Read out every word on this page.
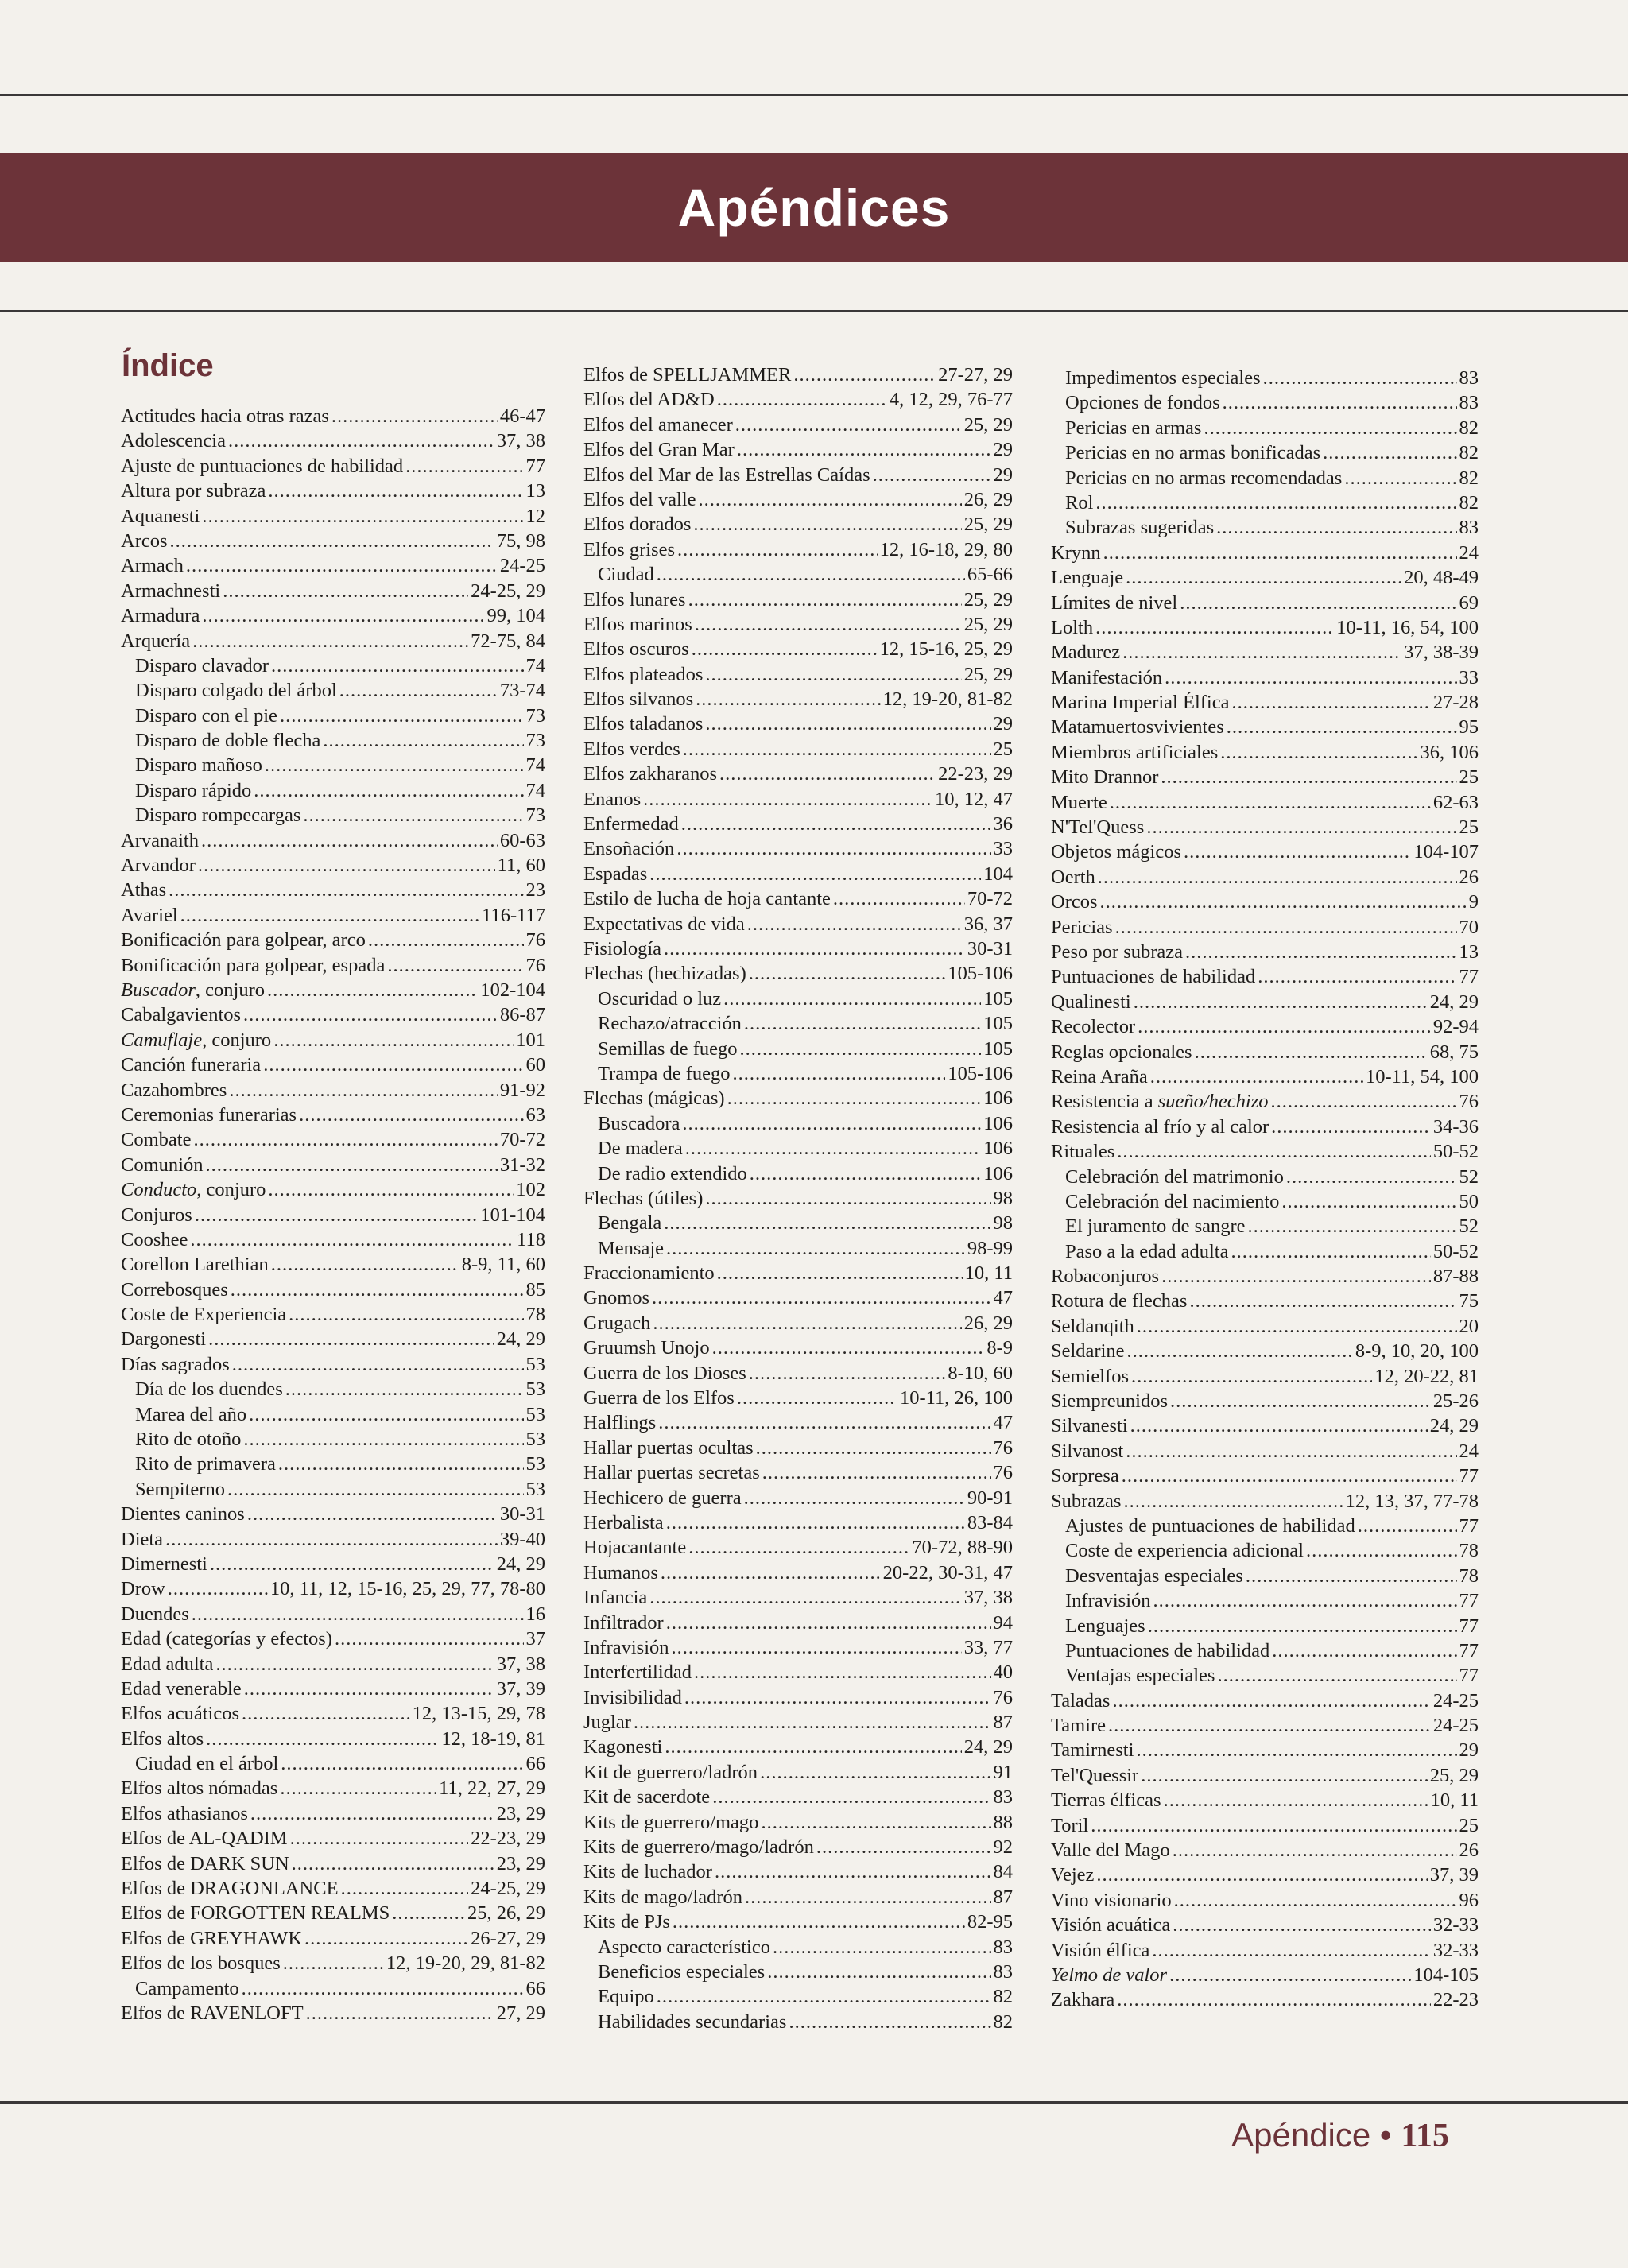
Apéndices
Índice
Actitudes hacia otras razas .....	46-47
Adolescencia .....	37, 38
Ajuste de puntuaciones de habilidad .....	77
Altura por subraza .....	13
Aquanesti .....	12
Arcos .....	75, 98
Armach .....	24-25
Armachnesti .....	24-25, 29
Armadura .....	99, 104
Arquería .....	72-75, 84
Disparo clavador .....	74
Disparo colgado del árbol .....	73-74
Disparo con el pie .....	73
Disparo de doble flecha .....	73
Disparo mañoso .....	74
Disparo rápido .....	74
Disparo rompecargas .....	73
Arvanaith .....	60-63
Arvandor .....	11, 60
Athas .....	23
Avariel .....	116-117
Bonificación para golpear, arco .....	76
Bonificación para golpear, espada .....	76
Buscador, conjuro .....	102-104
Cabalgavientos .....	86-87
Camuflaje, conjuro .....	101
Canción funeraria .....	60
Cazahombres .....	91-92
Ceremonias funerarias .....	63
Combate .....	70-72
Comunión .....	31-32
Conducto, conjuro .....	102
Conjuros .....	101-104
Cooshee .....	118
Corellon Larethian .....	8-9, 11, 60
Correbosques .....	85
Coste de Experiencia .....	78
Dargonesti .....	24, 29
Días sagrados .....	53
Día de los duendes .....	53
Marea del año .....	53
Rito de otoño .....	53
Rito de primavera .....	53
Sempiterno .....	53
Dientes caninos .....	30-31
Dieta .....	39-40
Dimernesti .....	24, 29
Drow .....	10, 11, 12, 15-16, 25, 29, 77, 78-80
Duendes .....	16
Edad (categorías y efectos) .....	37
Edad adulta .....	37, 38
Edad venerable .....	37, 39
Elfos acuáticos .....	12, 13-15, 29, 78
Elfos altos .....	12, 18-19, 81
Ciudad en el árbol .....	66
Elfos altos nómadas .....	11, 22, 27, 29
Elfos athasianos .....	23, 29
Elfos de AL-QADIM .....	22-23, 29
Elfos de DARK SUN .....	23, 29
Elfos de DRAGONLANCE .....	24-25, 29
Elfos de FORGOTTEN REALMS .....	25, 26, 29
Elfos de GREYHAWK .....	26-27, 29
Elfos de los bosques .....	12, 19-20, 29, 81-82
Campamento .....	66
Elfos de RAVENLOFT .....	27, 29
Elfos de SPELLJAMMER .....	27-27, 29
Elfos del AD&D .....	4, 12, 29, 76-77
Elfos del amanecer .....	25, 29
Elfos del Gran Mar .....	29
Elfos del Mar de las Estrellas Caídas .....	29
Elfos del valle .....	26, 29
Elfos dorados .....	25, 29
Elfos grises .....	12, 16-18, 29, 80
Ciudad .....	65-66
Elfos lunares .....	25, 29
Elfos marinos .....	25, 29
Elfos oscuros .....	12, 15-16, 25, 29
Elfos plateados .....	25, 29
Elfos silvanos .....	12, 19-20, 81-82
Elfos taladanos .....	29
Elfos verdes .....	25
Elfos zakharanos .....	22-23, 29
Enanos .....	10, 12, 47
Enfermedad .....	36
Ensoñación .....	33
Espadas .....	104
Estilo de lucha de hoja cantante .....	70-72
Expectativas de vida .....	36, 37
Fisiología .....	30-31
Flechas (hechizadas) .....	105-106
Oscuridad o luz .....	105
Rechazo/atracción .....	105
Semillas de fuego .....	105
Trampa de fuego .....	105-106
Flechas (mágicas) .....	106
Buscadora .....	106
De madera .....	106
De radio extendido .....	106
Flechas (útiles) .....	98
Bengala .....	98
Mensaje .....	98-99
Fraccionamiento .....	10, 11
Gnomos .....	47
Grugach .....	26, 29
Gruumsh Unojo .....	8-9
Guerra de los Dioses .....	8-10, 60
Guerra de los Elfos .....	10-11, 26, 100
Halflings .....	47
Hallar puertas ocultas .....	76
Hallar puertas secretas .....	76
Hechicero de guerra .....	90-91
Herbalista .....	83-84
Hojacantante .....	70-72, 88-90
Humanos .....	20-22, 30-31, 47
Infancia .....	37, 38
Infiltrador .....	94
Infravisión .....	33, 77
Interfertilidad .....	40
Invisibilidad .....	76
Juglar .....	87
Kagonesti .....	24, 29
Kit de guerrero/ladrón .....	91
Kit de sacerdote .....	83
Kits de guerrero/mago .....	88
Kits de guerrero/mago/ladrón .....	92
Kits de luchador .....	84
Kits de mago/ladrón .....	87
Kits de PJs .....	82-95
Aspecto característico .....	83
Beneficios especiales .....	83
Equipo .....	82
Habilidades secundarias .....	82
Impedimentos especiales .....	83
Opciones de fondos .....	83
Pericias en armas .....	82
Pericias en no armas bonificadas .....	82
Pericias en no armas recomendadas .....	82
Rol .....	82
Subrazas sugeridas .....	83
Krynn .....	24
Lenguaje .....	20, 48-49
Límites de nivel .....	69
Lolth .....	10-11, 16, 54, 100
Madurez .....	37, 38-39
Manifestación .....	33
Marina Imperial Élfica .....	27-28
Matamuertosvivientes .....	95
Miembros artificiales .....	36, 106
Mito Drannor .....	25
Muerte .....	62-63
N'Tel'Quess .....	25
Objetos mágicos .....	104-107
Oerth .....	26
Orcos .....	9
Pericias .....	70
Peso por subraza .....	13
Puntuaciones de habilidad .....	77
Qualinesti .....	24, 29
Recolector .....	92-94
Reglas opcionales .....	68, 75
Reina Araña .....	10-11, 54, 100
Resistencia a sueño/hechizo .....	76
Resistencia al frío y al calor .....	34-36
Rituales .....	50-52
Celebración del matrimonio .....	52
Celebración del nacimiento .....	50
El juramento de sangre .....	52
Paso a la edad adulta .....	50-52
Robaconjuros .....	87-88
Rotura de flechas .....	75
Seldanqith .....	20
Seldarine .....	8-9, 10, 20, 100
Semielfos .....	12, 20-22, 81
Siempreunidos .....	25-26
Silvanesti .....	24, 29
Silvanost .....	24
Sorpresa .....	77
Subrazas .....	12, 13, 37, 77-78
Ajustes de puntuaciones de habilidad .....	77
Coste de experiencia adicional .....	78
Desventajas especiales .....	78
Infravisión .....	77
Lenguajes .....	77
Puntuaciones de habilidad .....	77
Ventajas especiales .....	77
Taladas .....	24-25
Tamire .....	24-25
Tamirnesti .....	29
Tel'Quessir .....	25, 29
Tierras élficas .....	10, 11
Toril .....	25
Valle del Mago .....	26
Vejez .....	37, 39
Vino visionario .....	96
Visión acuática .....	32-33
Visión élfica .....	32-33
Yelmo de valor .....	104-105
Zakhara .....	22-23

Apéndice • 115
